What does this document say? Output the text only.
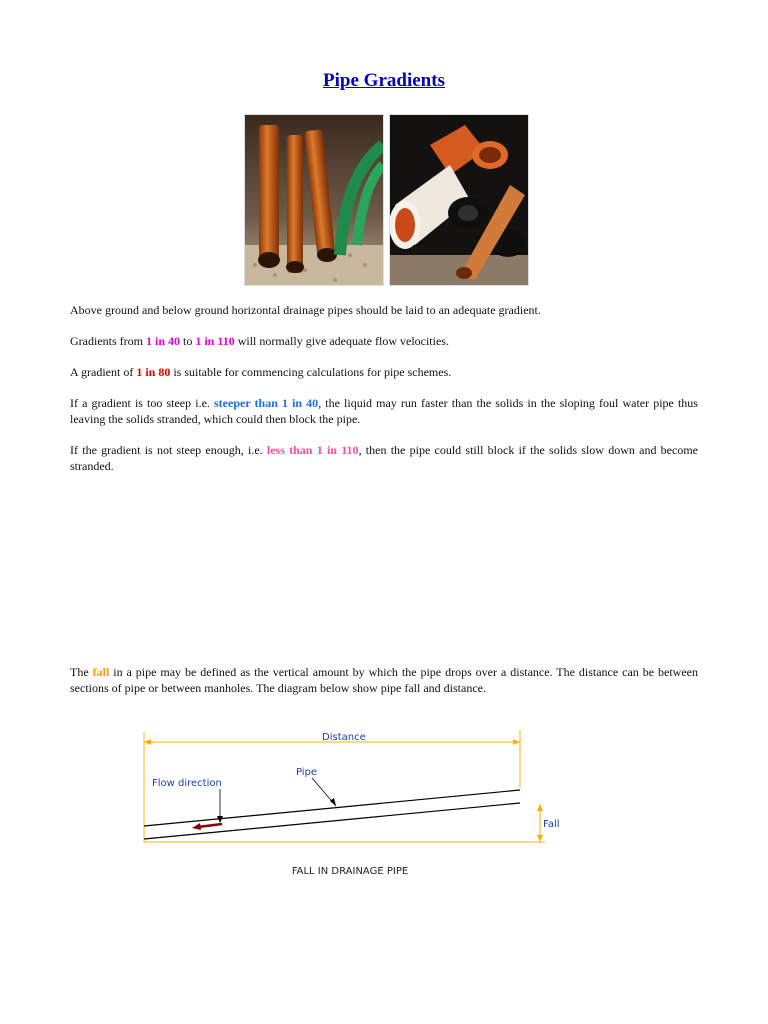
Pipe Gradients

Above ground and below ground horizontal drainage pipes should be laid to an adequate gradient.

Gradients from 1 in 40 to 1 in 110 will normally give adequate flow velocities.

A gradient of 1 in 80 is suitable for commencing calculations for pipe schemes.

If a gradient is too steep i.e. steeper than 1 in 40, the liquid may run faster than the solids in the sloping foul water pipe thus leaving the solids stranded, which could then block the pipe.

If the gradient is not steep enough, i.e. less than 1 in 110, then the pipe could still block if the solids slow down and become stranded.

The fall in a pipe may be defined as the vertical amount by which the pipe drops over a distance. The distance can be between sections of pipe or between manholes. The diagram below show pipe fall and distance.

Distance
Fall
Pipe
Flow direction
FALL IN DRAINAGE PIPE
